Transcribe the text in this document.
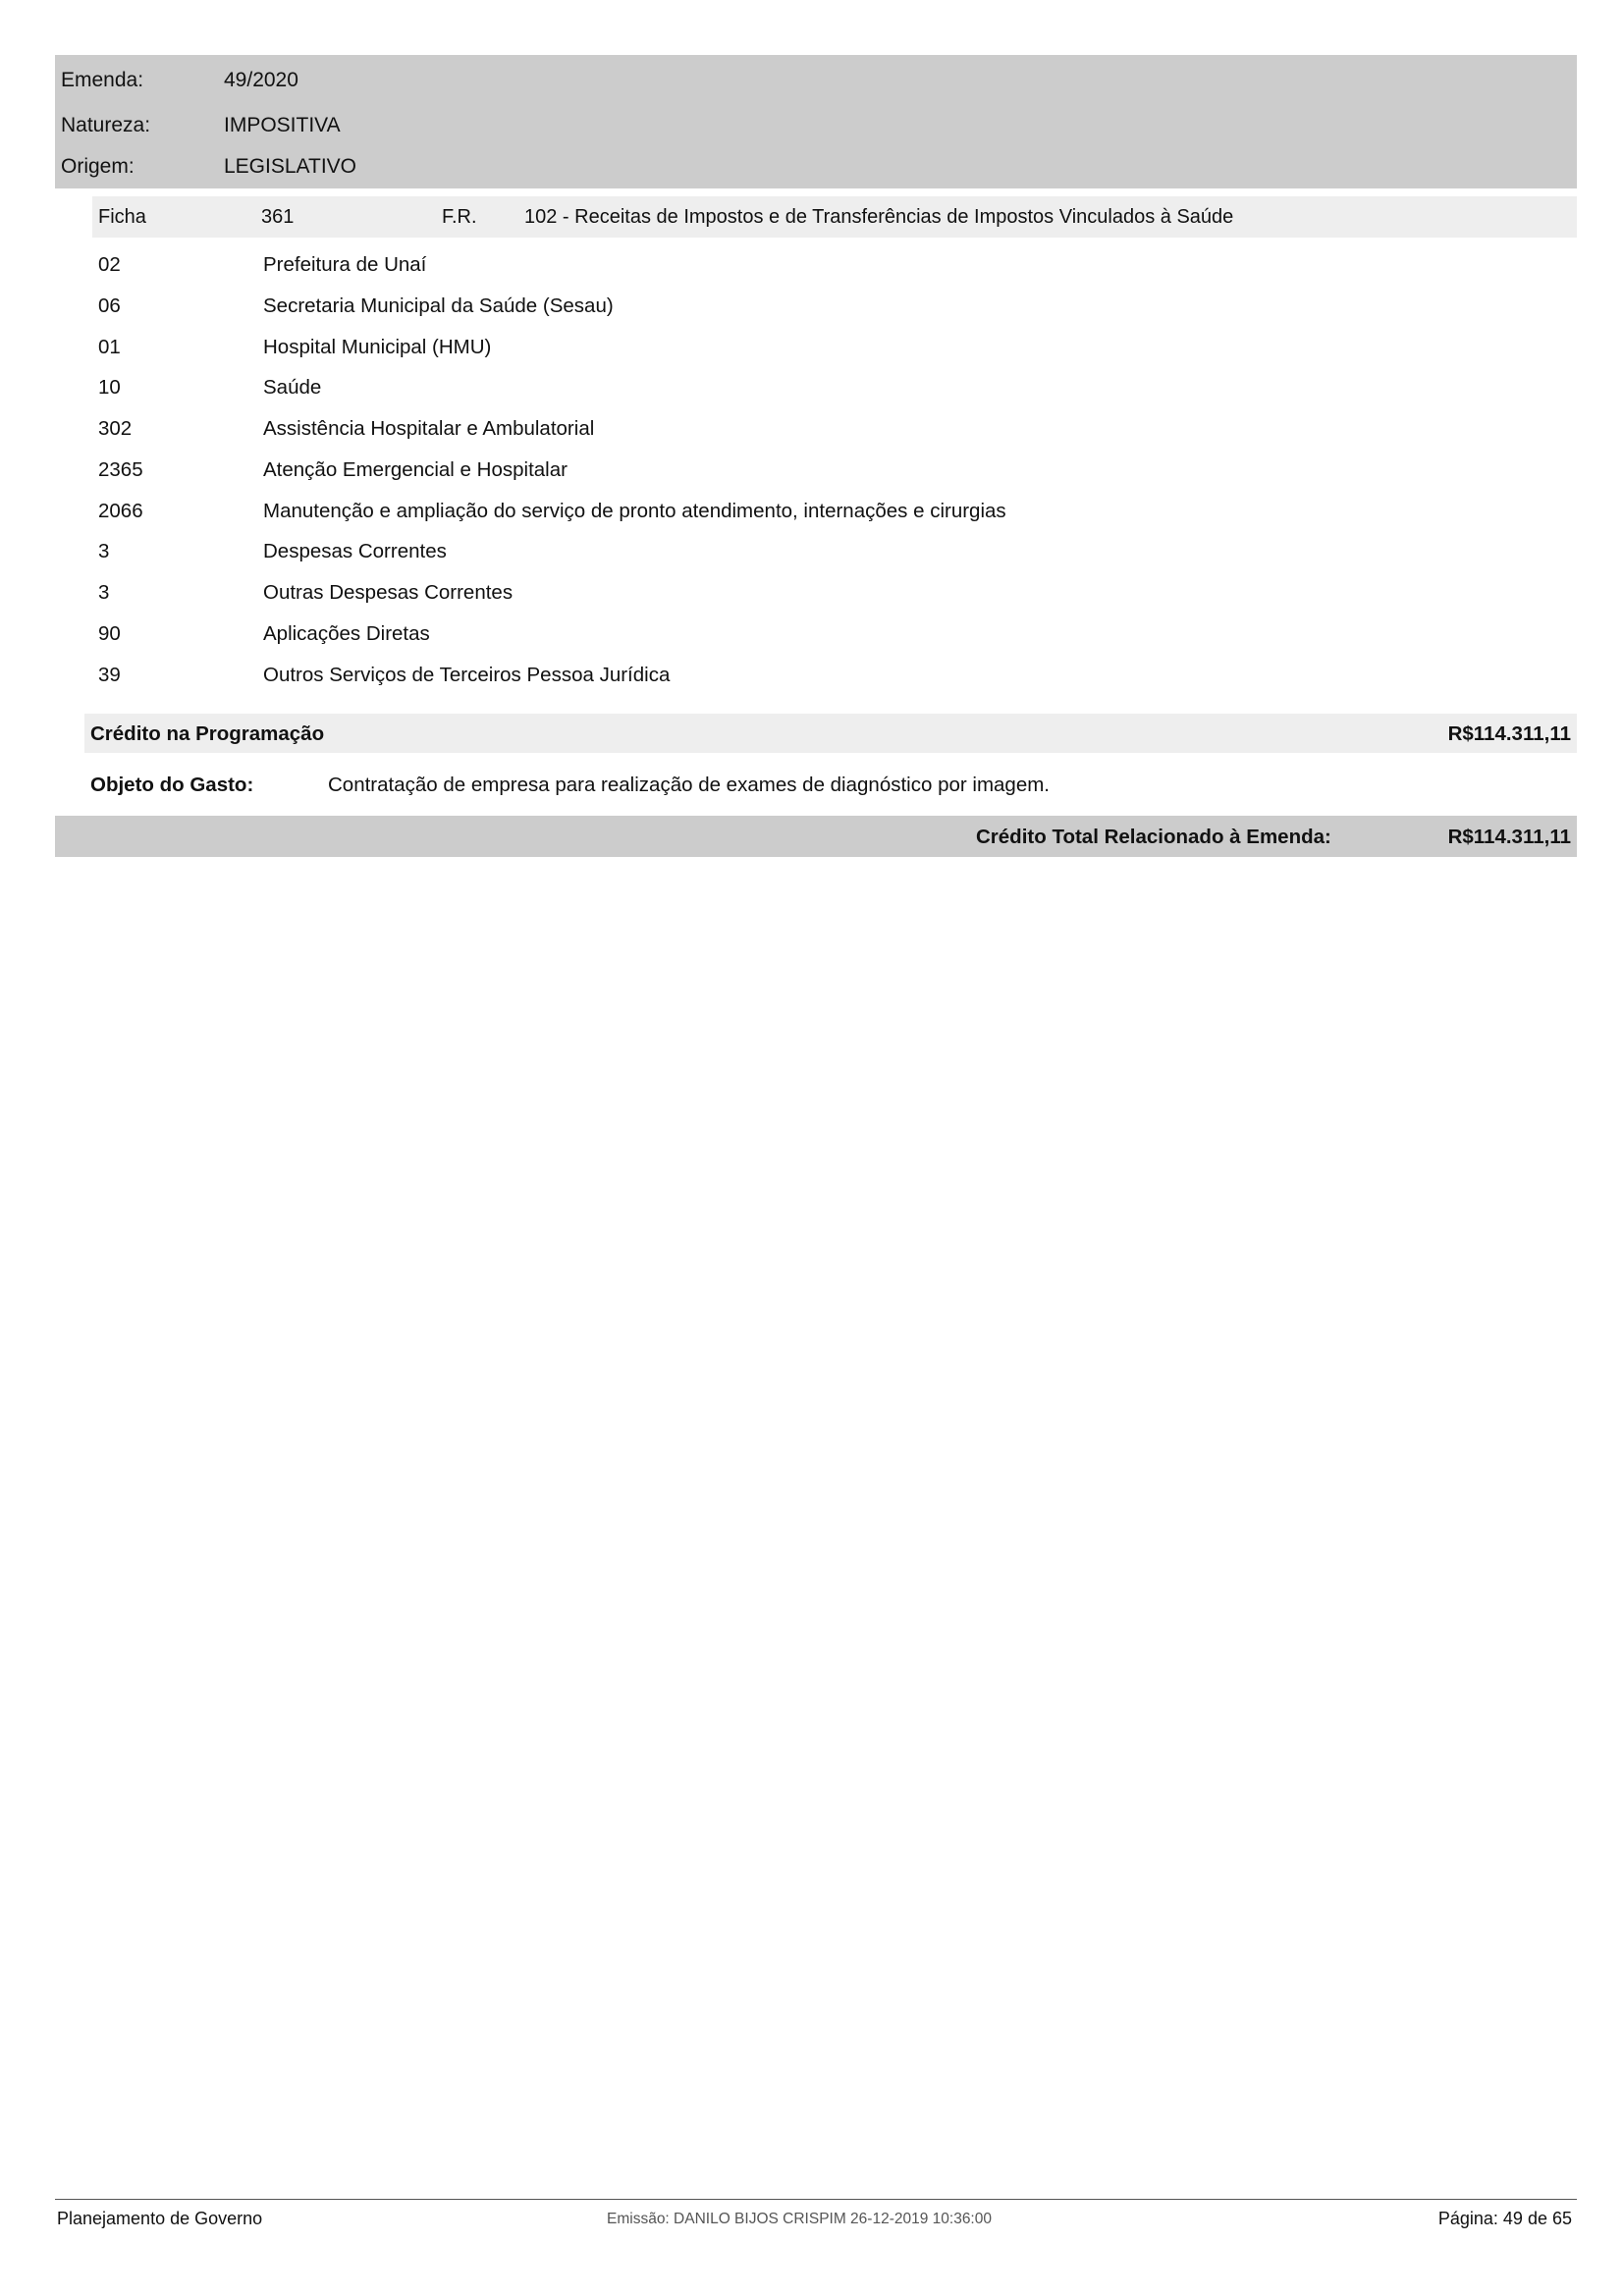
Emenda:	49/2020
Natureza:	IMPOSITIVA
Origem:	LEGISLATIVO
Ficha	361	F.R. 102 - Receitas de Impostos e de Transferências de Impostos Vinculados à Saúde
02	Prefeitura de Unaí
06	Secretaria Municipal da Saúde (Sesau)
01	Hospital Municipal (HMU)
10	Saúde
302	Assistência Hospitalar e Ambulatorial
2365	Atenção Emergencial e Hospitalar
2066	Manutenção e ampliação do serviço de pronto atendimento, internações e cirurgias
3	Despesas Correntes
3	Outras Despesas Correntes
90	Aplicações Diretas
39	Outros Serviços de Terceiros Pessoa Jurídica
Crédito na Programação	R$114.311,11
Objeto do Gasto:	Contratação de empresa para realização de exames de diagnóstico por imagem.
Crédito Total Relacionado à Emenda:	R$114.311,11
Planejamento de Governo	Emissão: DANILO BIJOS CRISPIM 26-12-2019 10:36:00	Página: 49 de 65
